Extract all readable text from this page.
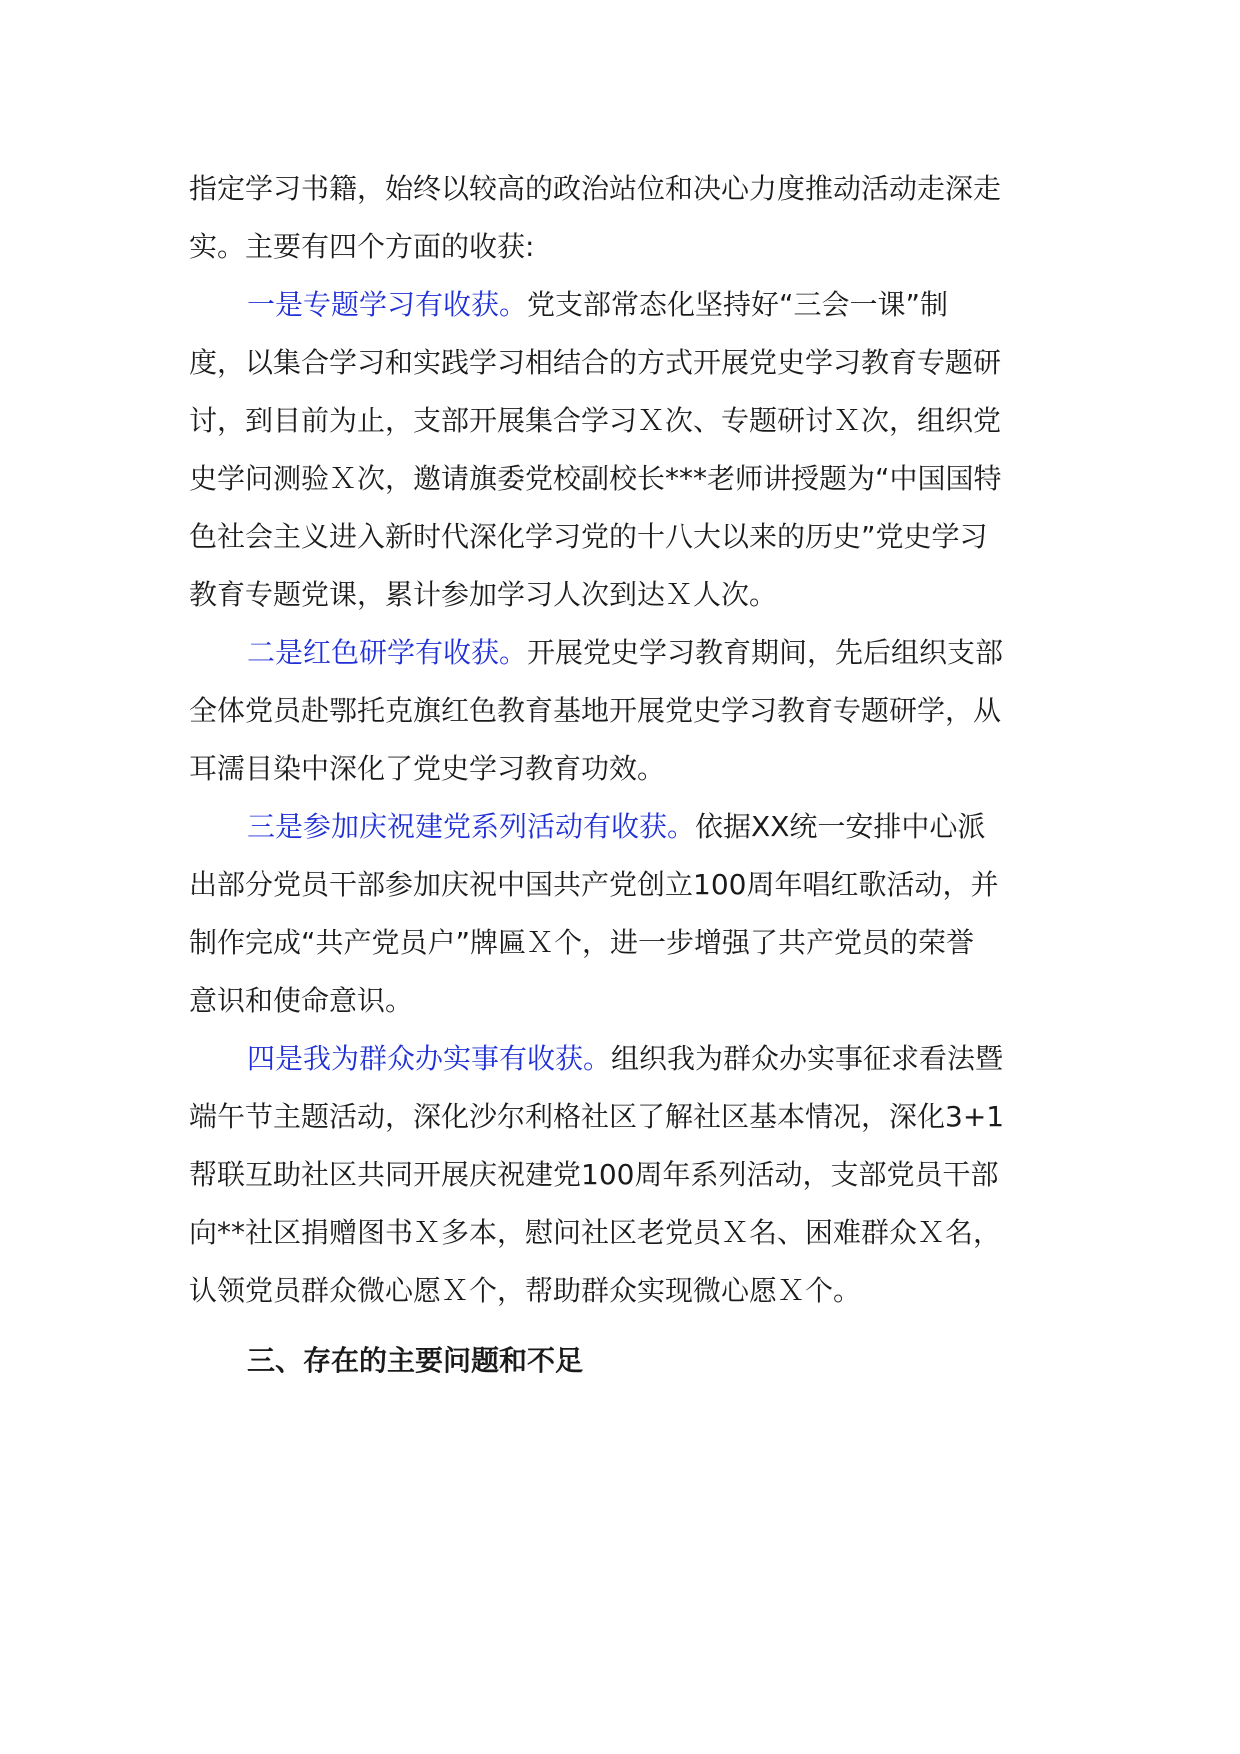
指定学习书籍，始终以较高的政治站位和决心力度推动活动走深走
实。主要有四个方面的收获:
一是专题学习有收获。党支部常态化坚持好“三会一课”制
度，以集合学习和实践学习相结合的方式开展党史学习教育专题研
讨，到目前为止，支部开展集合学习Ｘ次、专题研讨Ｘ次，组织党
史学问测验Ｘ次，邀请旗委党校副校长***老师讲授题为“中国国特
色社会主义进入新时代深化学习党的十八大以来的历史”党史学习
教育专题党课，累计参加学习人次到达Ｘ人次。
二是红色研学有收获。开展党史学习教育期间，先后组织支部
全体党员赴鄂托克旗红色教育基地开展党史学习教育专题研学，从
耳濡目染中深化了党史学习教育功效。
三是参加庆祝建党系列活动有收获。依据XX统一安排中心派
出部分党员干部参加庆祝中国共产党创立100周年唱红歌活动，并
制作完成“共产党员户”牌匾Ｘ个，进一步增强了共产党员的荣誉
意识和使命意识。
四是我为群众办实事有收获。组织我为群众办实事征求看法暨
端午节主题活动，深化沙尔利格社区了解社区基本情况，深化3+1
帮联互助社区共同开展庆祝建党100周年系列活动，支部党员干部
向**社区捐赠图书Ｘ多本，慰问社区老党员Ｘ名、困难群众Ｘ名，
认领党员群众微心愿Ｘ个，帮助群众实现微心愿Ｘ个。
三、存在的主要问题和不足
